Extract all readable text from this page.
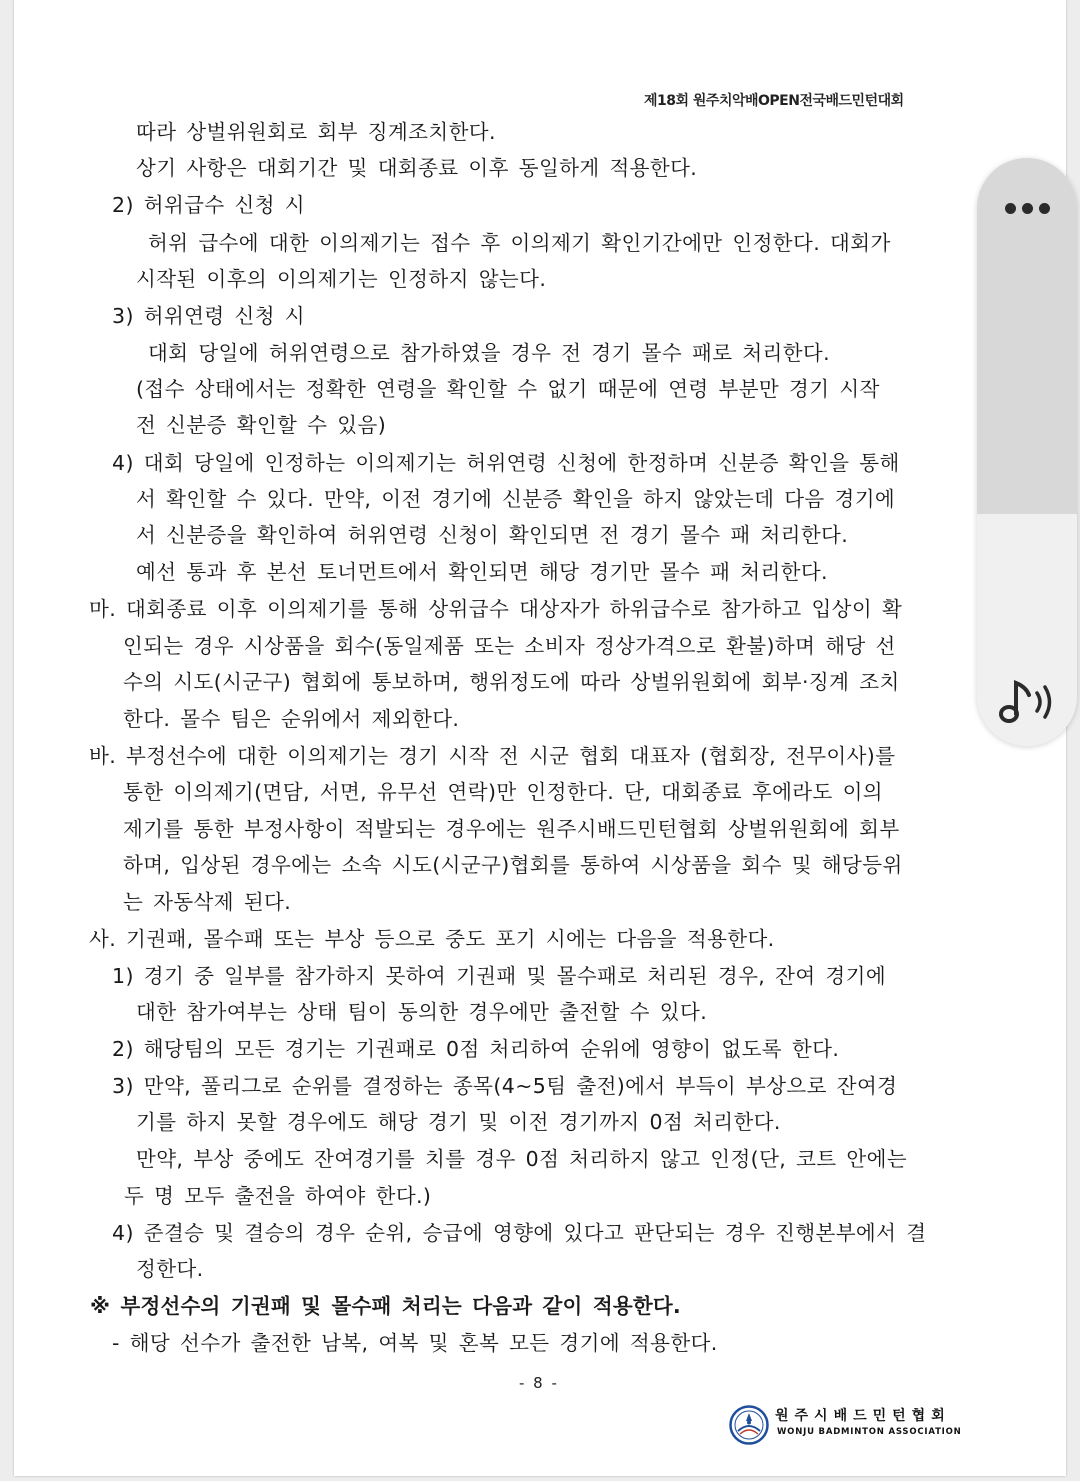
제18회 원주치악배OPEN전국배드민턴대회
따라 상벌위원회로 회부 징계조치한다.
상기 사항은 대회기간 및 대회종료 이후 동일하게 적용한다.
2) 허위급수 신청 시
허위 급수에 대한 이의제기는 접수 후 이의제기 확인기간에만 인정한다. 대회가
시작된 이후의 이의제기는 인정하지 않는다.
3) 허위연령 신청 시
대회 당일에 허위연령으로 참가하였을 경우 전 경기 몰수 패로 처리한다.
(접수 상태에서는 정확한 연령을 확인할 수 없기 때문에 연령 부분만 경기 시작
전 신분증 확인할 수 있음)
4) 대회 당일에 인정하는 이의제기는 허위연령 신청에 한정하며 신분증 확인을 통해
서 확인할 수 있다. 만약, 이전 경기에 신분증 확인을 하지 않았는데 다음 경기에
서 신분증을 확인하여 허위연령 신청이 확인되면 전 경기 몰수 패 처리한다.
예선 통과 후 본선 토너먼트에서 확인되면 해당 경기만 몰수 패 처리한다.
마. 대회종료 이후 이의제기를 통해 상위급수 대상자가 하위급수로 참가하고 입상이 확
인되는 경우 시상품을 회수(동일제품 또는 소비자 정상가격으로 환불)하며 해당 선
수의 시도(시군구) 협회에 통보하며, 행위정도에 따라 상벌위원회에 회부·징계 조치
한다. 몰수 팀은 순위에서 제외한다.
바. 부정선수에 대한 이의제기는 경기 시작 전 시군 협회 대표자 (협회장, 전무이사)를
통한 이의제기(면담, 서면, 유무선 연락)만 인정한다. 단, 대회종료 후에라도 이의
제기를 통한 부정사항이 적발되는 경우에는 원주시배드민턴협회 상벌위원회에 회부
하며, 입상된 경우에는 소속 시도(시군구)협회를 통하여 시상품을 회수 및 해당등위
는 자동삭제 된다.
사. 기권패, 몰수패 또는 부상 등으로 중도 포기 시에는 다음을 적용한다.
1) 경기 중 일부를 참가하지 못하여 기권패 및 몰수패로 처리된 경우, 잔여 경기에
대한 참가여부는 상태 팀이 동의한 경우에만 출전할 수 있다.
2) 해당팀의 모든 경기는 기권패로 0점 처리하여 순위에 영향이 없도록 한다.
3) 만약, 풀리그로 순위를 결정하는 종목(4~5팀 출전)에서 부득이 부상으로 잔여경
기를 하지 못할 경우에도 해당 경기 및 이전 경기까지 0점 처리한다.
만약, 부상 중에도 잔여경기를 치를 경우 0점 처리하지 않고 인정(단, 코트 안에는
두 명 모두 출전을 하여야 한다.)
4) 준결승 및 결승의 경우 순위, 승급에 영향에 있다고 판단되는 경우 진행본부에서 결
정한다.
※ 부정선수의 기권패 및 몰수패 처리는 다음과 같이 적용한다.
- 해당 선수가 출전한 남복, 여복 및 혼복 모든 경기에 적용한다.
- 8 -
원주시배드민턴협회
WONJU BADMINTON ASSOCIATION
